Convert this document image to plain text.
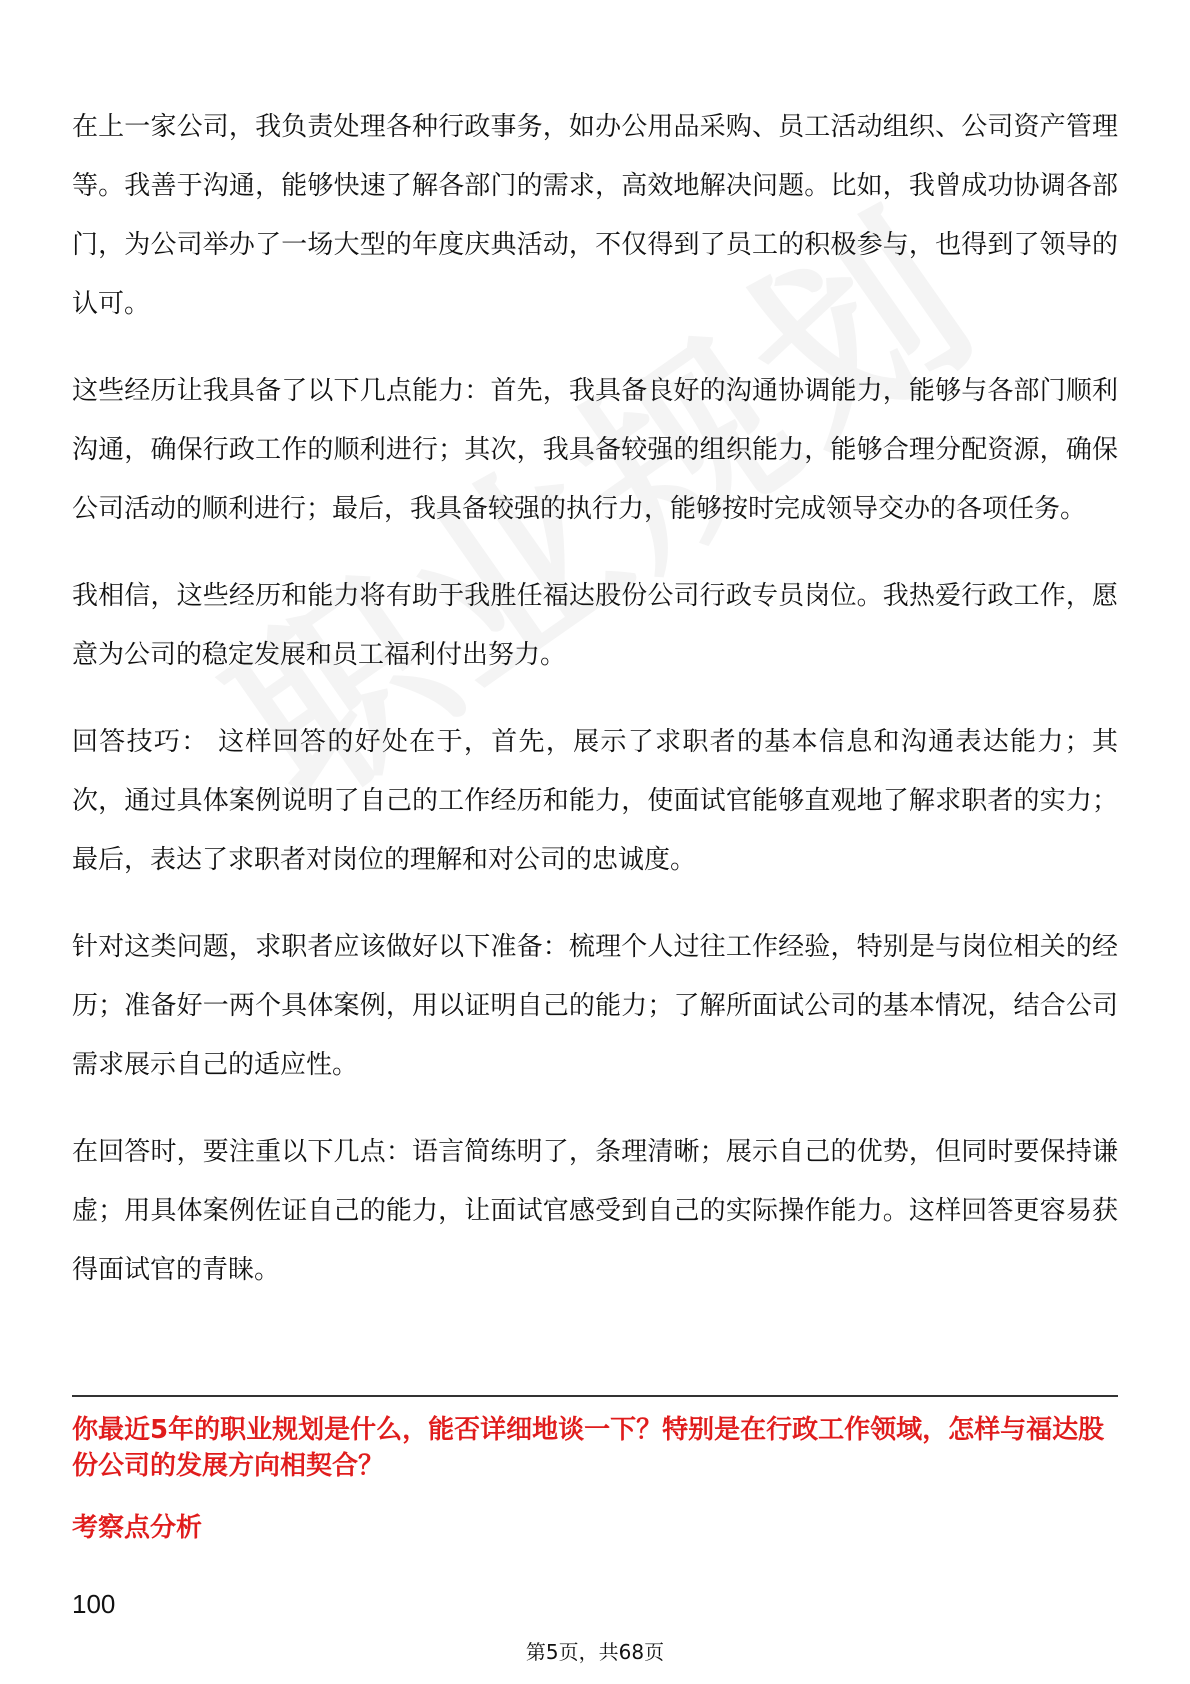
在上一家公司，我负责处理各种行政事务，如办公用品采购、员工活动组织、公司资产管理等。我善于沟通，能够快速了解各部门的需求，高效地解决问题。比如，我曾成功协调各部门，为公司举办了一场大型的年度庆典活动，不仅得到了员工的积极参与，也得到了领导的认可。

这些经历让我具备了以下几点能力：首先，我具备良好的沟通协调能力，能够与各部门顺利沟通，确保行政工作的顺利进行；其次，我具备较强的组织能力，能够合理分配资源，确保公司活动的顺利进行；最后，我具备较强的执行力，能够按时完成领导交办的各项任务。

我相信，这些经历和能力将有助于我胜任福达股份公司行政专员岗位。我热爱行政工作，愿意为公司的稳定发展和员工福利付出努力。

回答技巧： 这样回答的好处在于，首先，展示了求职者的基本信息和沟通表达能力；其次，通过具体案例说明了自己的工作经历和能力，使面试官能够直观地了解求职者的实力；最后，表达了求职者对岗位的理解和对公司的忠诚度。

针对这类问题，求职者应该做好以下准备：梳理个人过往工作经验，特别是与岗位相关的经历；准备好一两个具体案例，用以证明自己的能力；了解所面试公司的基本情况，结合公司需求展示自己的适应性。

在回答时，要注重以下几点：语言简练明了，条理清晰；展示自己的优势，但同时要保持谦虚；用具体案例佐证自己的能力，让面试官感受到自己的实际操作能力。这样回答更容易获得面试官的青睐。

你最近5年的职业规划是什么，能否详细地谈一下？特别是在行政工作领域，怎样与福达股份公司的发展方向相契合？
考察点分析
100
第5页，共68页
